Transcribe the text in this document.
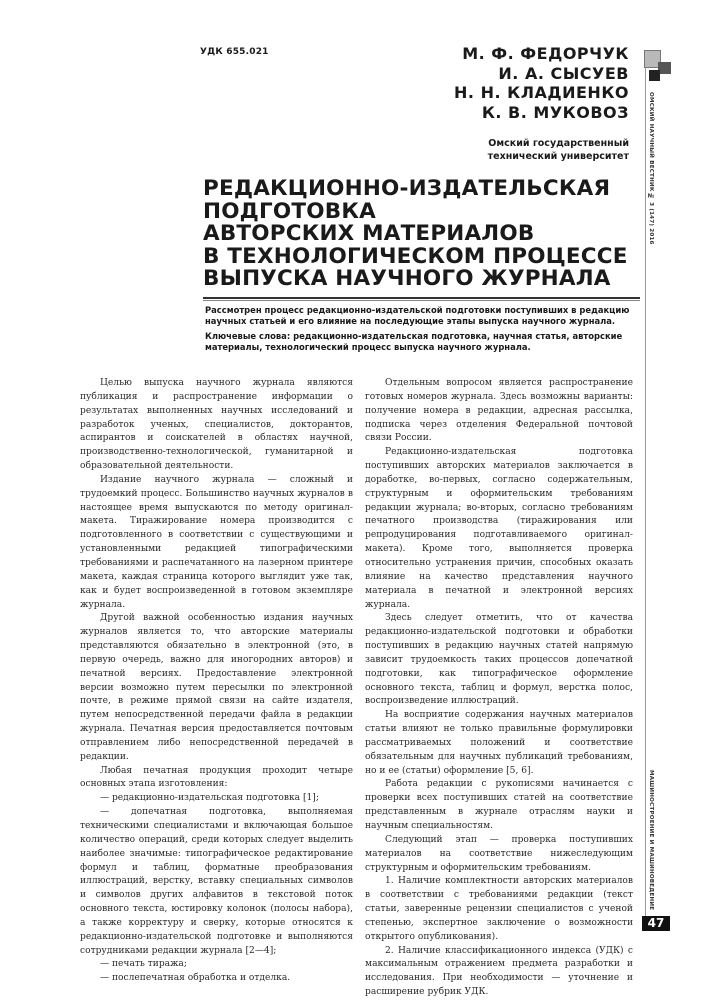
УДК 655.021	М. Ф. ФЕДОРЧУК
И. А. СЫСУЕВ
Н. Н. КЛАДИЕНКО
К. В. МУКОВОЗ
Омский государственный
технический университет
РЕДАКЦИОННО-ИЗДАТЕЛЬСКАЯ
ПОДГОТОВКА
АВТОРСКИХ МАТЕРИАЛОВ
В ТЕХНОЛОГИЧЕСКОМ ПРОЦЕССЕ
ВЫПУСКА НАУЧНОГО ЖУРНАЛА
Рассмотрен процесс редакционно-издательской подготовки поступивших в редакцию научных статьей и его влияние на последующие этапы выпуска научного журнала.
Ключевые слова: редакционно-издательская подготовка, научная статья, авторские материалы, технологический процесс выпуска научного журнала.

Целью выпуска научного журнала являются публикация и распространение информации о результатах выполненных научных исследований и разработок ученых, специалистов, докторантов, аспирантов и соискателей в областях научной, производственно-технологической, гуманитарной и образовательной деятельности.

Издание научного журнала — сложный и трудоемкий процесс. Большинство научных журналов в настоящее время выпускаются по методу оригинал-макета. Тиражирование номера производится с подготовленного в соответствии с существующими и установленными редакцией типографическими требованиями и распечатанного на лазерном принтере макета, каждая страница которого выглядит уже так, как и будет воспроизведенной в готовом экземпляре журнала.

Другой важной особенностью издания научных журналов является то, что авторские материалы представляются обязательно в электронной (это, в первую очередь, важно для иногородних авторов) и печатной версиях. Предоставление электронной версии возможно путем пересылки по электронной почте, в режиме прямой связи на сайте издателя, путем непосредственной передачи файла в редакции журнала. Печатная версия предоставляется почтовым отправлением либо непосредственной передачей в редакции.

Любая печатная продукция проходит четыре основных этапа изготовления:

— редакционно-издательская подготовка [1];

— допечатная подготовка, выполняемая техническими специалистами и включающая большое количество операций, среди которых следует выделить наиболее значимые: типографическое редактирование формул и таблиц, форматные преобразования иллюстраций, верстку, вставку специальных символов и символов других алфавитов в текстовой поток основного текста, юстировку колонок (полосы набора), а также корректуру и сверку, которые относятся к редакционно-издательской подготовке и выполняются сотрудниками редакции журнала [2—4];

— печать тиража;

— послепечатная обработка и отделка.

Отдельным вопросом является распространение готовых номеров журнала. Здесь возможны варианты: получение номера в редакции, адресная рассылка, подписка через отделения Федеральной почтовой связи России.

Редакционно-издательская подготовка поступивших авторских материалов заключается в доработке, во-первых, согласно содержательным, структурным и оформительским требованиям редакции журнала; во-вторых, согласно требованиям печатного производства (тиражирования или репродуцирования подготавливаемого оригинал-макета). Кроме того, выполняется проверка относительно устранения причин, способных оказать влияние на качество представления научного материала в печатной и электронной версиях журнала.

Здесь следует отметить, что от качества редакционно-издательской подготовки и обработки поступивших в редакцию научных статей напрямую зависит трудоемкость таких процессов допечатной подготовки, как типографическое оформление основного текста, таблиц и формул, верстка полос, воспроизведение иллюстраций.

На восприятие содержания научных материалов статьи влияют не только правильные формулировки рассматриваемых положений и соответствие обязательным для научных публикаций требованиям, но и ее (статьи) оформление [5, 6].

Работа редакции с рукописями начинается с проверки всех поступивших статей на соответствие представленным в журнале отраслям науки и научным специальностям.

Следующий этап — проверка поступивших материалов на соответствие нижеследующим структурным и оформительским требованиям.

1. Наличие комплектности авторских материалов в соответствии с требованиями редакции (текст статьи, заверенные рецензии специалистов с ученой степенью, экспертное заключение о возможности открытого опубликования).

2. Наличие классификационного индекса (УДК) с максимальным отражением предмета разработки и исследования. При необходимости — уточнение и расширение рубрик УДК.

ОМСКИЙ НАУЧНЫЙ ВЕСТНИК № 3 (147) 2016
МАШИНОСТРОЕНИЕ И МАШИНОВЕДЕНИЕ
47
